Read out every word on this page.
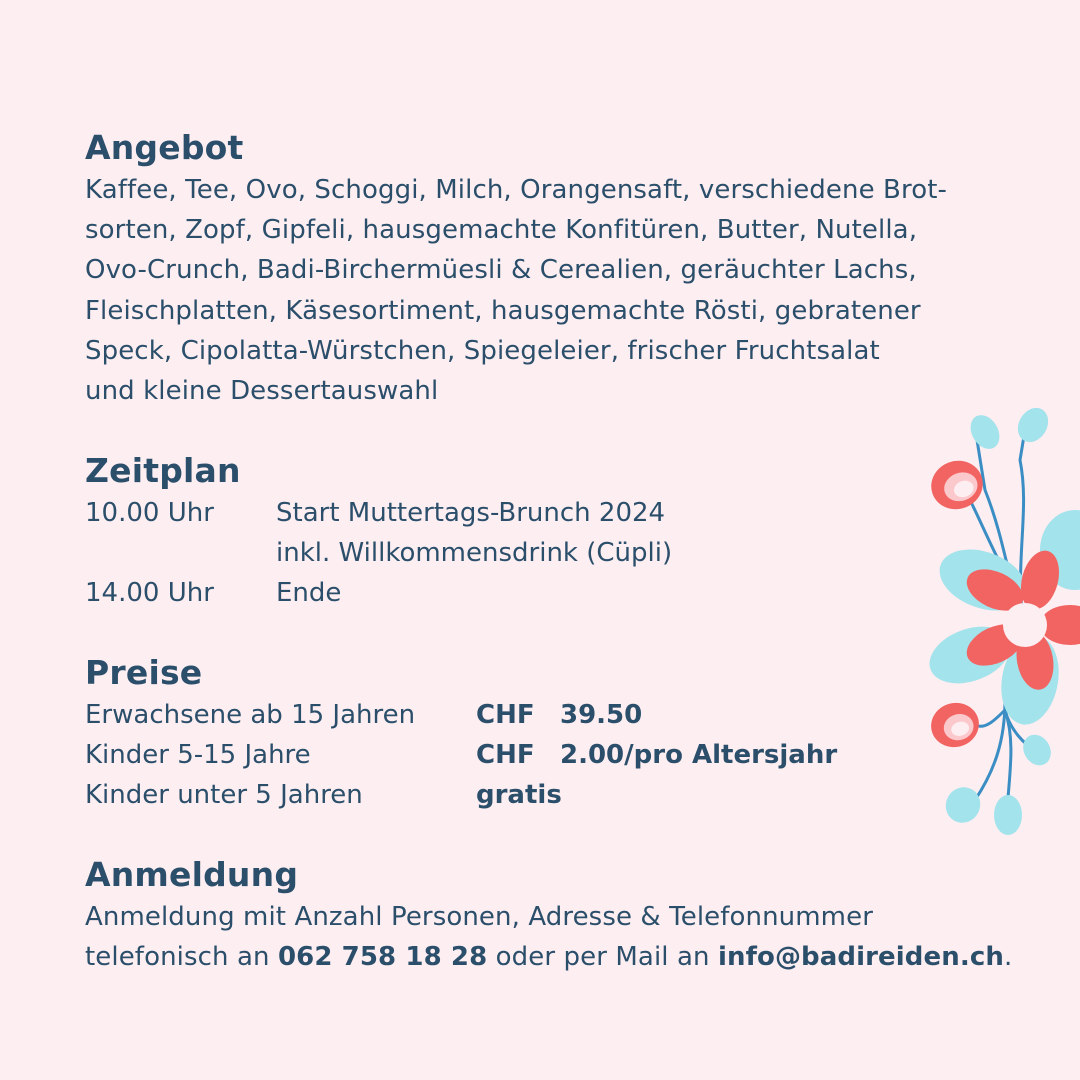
Angebot
Kaffee, Tee, Ovo, Schoggi, Milch, Orangensaft, verschiedene Brot-
sorten, Zopf, Gipfeli, hausgemachte Konfitüren, Butter, Nutella,
Ovo-Crunch, Badi-Birchermüesli & Cerealien, geräuchter Lachs,
Fleischplatten, Käsesortiment, hausgemachte Rösti, gebratener
Speck, Cipolatta-Würstchen, Spiegeleier, frischer Fruchtsalat
und kleine Dessertauswahl
Zeitplan
10.00 Uhr	Start Muttertags-Brunch 2024
inkl. Willkommensdrink (Cüpli)
14.00 Uhr	Ende
Preise
Erwachsene ab 15 Jahren	CHF 39.50
Kinder 5-15 Jahre	CHF 2.00/pro Altersjahr
Kinder unter 5 Jahren	gratis
Anmeldung
Anmeldung mit Anzahl Personen, Adresse & Telefonnummer
telefonisch an 062 758 18 28 oder per Mail an info@badireiden.ch.
